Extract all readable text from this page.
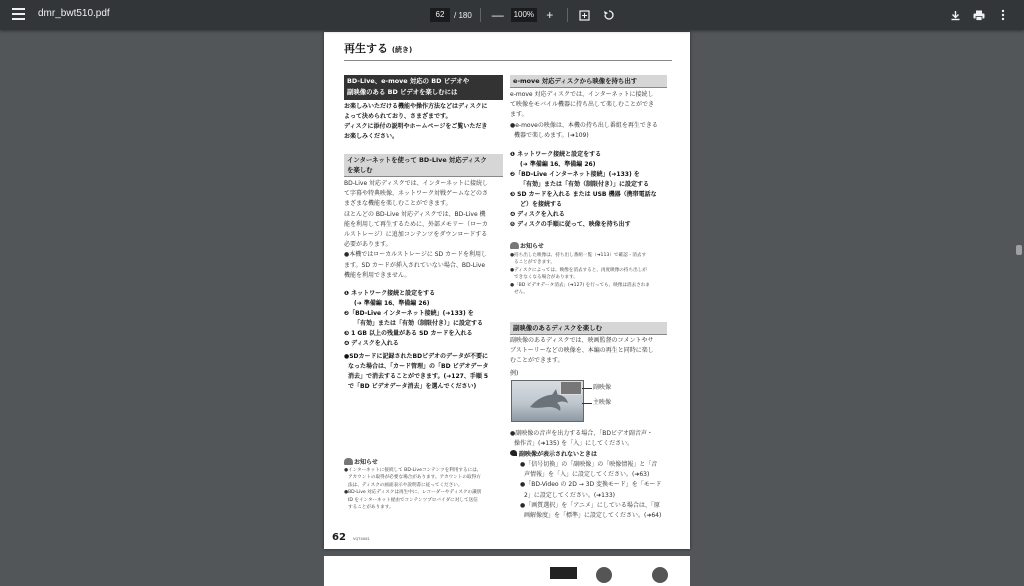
dmr_bwt510.pdf	62	/ 180 —	100%	+
再生する (続き)
BD-Live、e-move 対応の BD ビデオや
副映像のある BD ビデオを楽しむには
お楽しみいただける機能や操作方法などはディスクに
よって決められており、さまざまです。
ディスクに添付の説明やホームページをご覧いただき
お楽しみください。
インターネットを使って BD-Live 対応ディスク
を楽しむ
BD-Live 対応ディスクでは、インターネットに接続し
て字幕や特典映像、ネットワーク対戦ゲームなどのさ
まざまな機能を楽しむことができます。
ほとんどの BD-Live 対応ディスクでは、BD-Live 機
能を利用して再生するために、外部メモリー（ローカ
ルストレージ）に追加コンテンツをダウンロードする
必要があります。
●本機ではローカルストレージに SD カードを利用し
ます。SD カードが挿入されていない場合、BD-Live
機能を利用できません。
❶ ネットワーク接続と設定をする
(➜ 準備編 16、準備編 26)
❷「BD-Live インターネット接続」(➜133) を
「有効」または「有効（制限付き）」に設定する
❸ 1 GB 以上の残量がある SD カードを入れる
❹ ディスクを入れる
●SDカードに記録されたBDビデオのデータが不要に
なった場合は、「カード管理」の「BD ビデオデータ
消去」で消去することができます。(➜127、手順 5
で「BD ビデオデータ消去」を選んでください)
お知らせ
●インターネットに接続して BD-Liveコンテンツを利用するには、
アカウントの取得が必要な場合があります。アカウントの取得方
法は、ディスクの画面表示や説明書に従ってください。
●BD-Live 対応ディスクは再生中に、レコーダーやディスクの識別
ID をインターネット経由でコンテンツプロバイダに対して送信
することがあります。
e-move 対応ディスクから映像を持ち出す
e-move 対応ディスクでは、インターネットに接続し
て映像をモバイル機器に持ち出して楽しむことができ
ます。
●e-moveの映像は、本機の持ち出し番組を再生できる
機器で楽しめます。(➜109)
❶ ネットワーク接続と設定をする
(➜ 準備編 16、準備編 26)
❷「BD-Live インターネット接続」(➜133) を
「有効」または「有効（制限付き）」に設定する
❸ SD カードを入れる または USB 機器（携帯電話な
ど）を接続する
❹ ディスクを入れる
❺ ディスクの手順に従って、映像を持ち出す
お知らせ
●持ち出した映像は、持ち出し番組一覧（➜113）で確認・消去す
ることができます。
●ディスクによっては、映像を消去すると、再度映像の持ち出しが
できなくなる場合があります。
●「BD ビデオデータ消去」(➜127) を行っても、映像は消去されま
せん。
副映像のあるディスクを楽しむ
副映像のあるディスクでは、映画監督のコメントやサ
ブストーリーなどの映像を、本編の再生と同時に楽し
むことができます。
例)
副映像
主映像
●副映像の音声を出力する場合、「BDビデオ副音声・
操作音」(➜135) を「入」にしてください。
副映像が表示されないときは
●「信号切換」の「副映像」の「映像情報」と「音
声情報」を「入」に設定してください。(➜63)
●「BD-Video の 2D → 3D 変換モード」を「モード
2」に設定してください。(➜133)
●「画質選択」を「アニメ」にしている場合は、「原
画解像度」を「標準」に設定してください。(➜64)
62 VQT4X61
